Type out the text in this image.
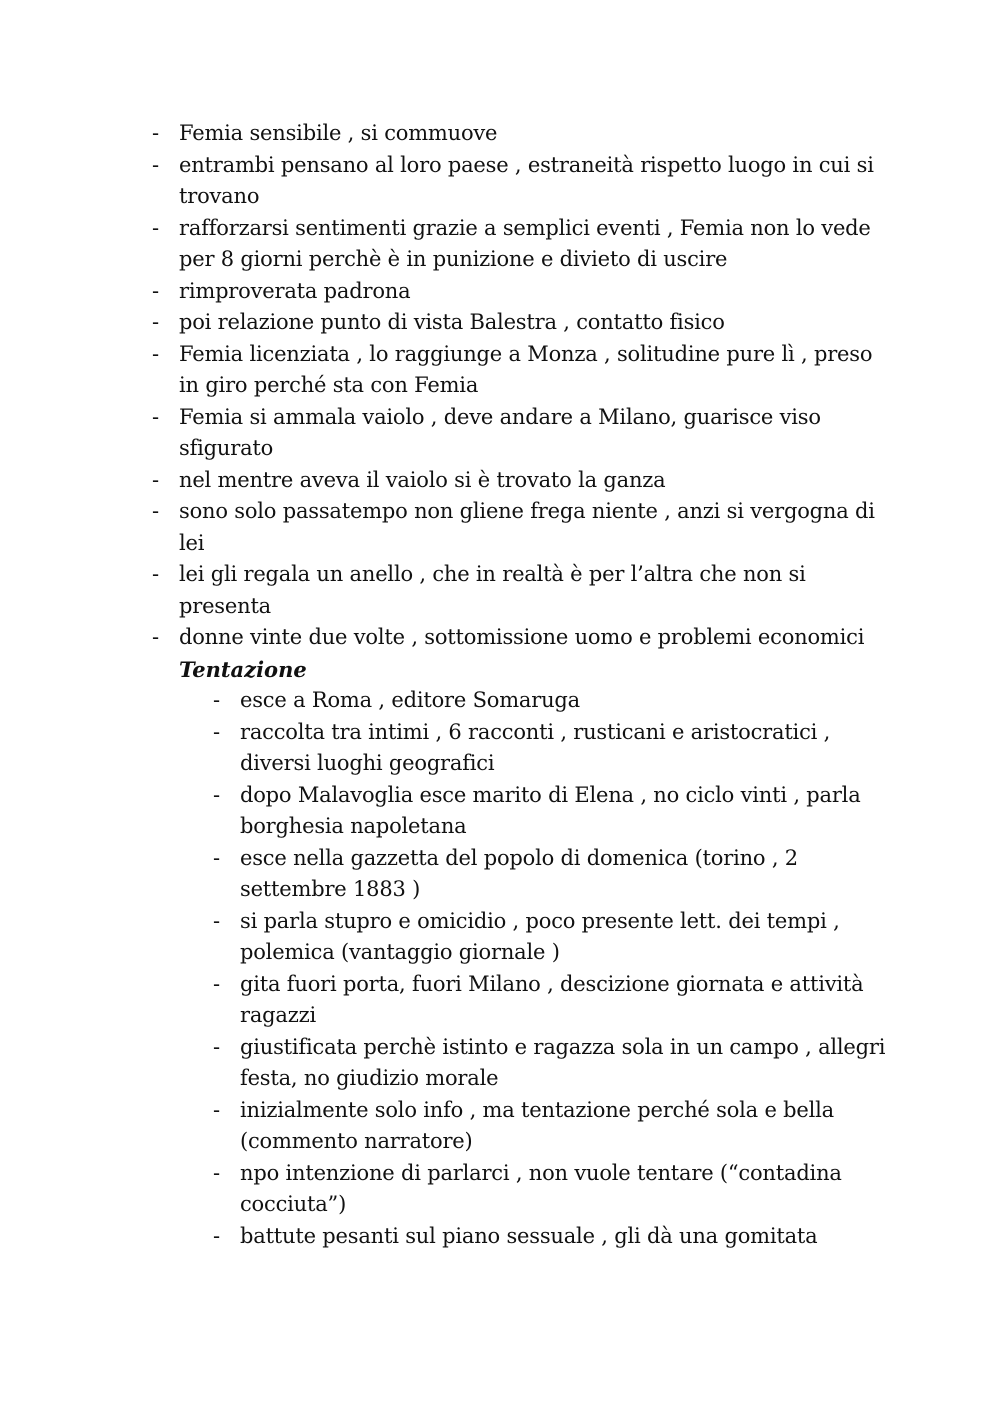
- Femia sensibile , si commuove
- entrambi pensano al loro paese , estraneità rispetto luogo in cui si trovano
- rafforzarsi sentimenti grazie a semplici eventi , Femia non lo vede per 8 giorni perchè è in punizione e divieto di uscire
- rimproverata padrona
- poi relazione punto di vista Balestra , contatto fisico
- Femia licenziata , lo raggiunge a Monza , solitudine pure lì , preso in giro perché sta con Femia
- Femia si ammala vaiolo , deve andare a Milano, guarisce viso sfigurato
- nel mentre aveva il vaiolo si è trovato la ganza
- sono solo passatempo non gliene frega niente , anzi si vergogna di lei
- lei gli regala un anello , che in realtà è per l’altra che non si presenta
- donne vinte due volte , sottomissione uomo e problemi economici
Tentazione
- esce a Roma , editore Somaruga
- raccolta tra intimi , 6 racconti , rusticani e aristocratici , diversi luoghi geografici
- dopo Malavoglia esce marito di Elena , no ciclo vinti , parla borghesia napoletana
- esce nella gazzetta del popolo di domenica (torino , 2 settembre 1883 )
- si parla stupro e omicidio , poco presente lett. dei tempi , polemica (vantaggio giornale )
- gita fuori porta, fuori Milano , descizione giornata e attività ragazzi
- giustificata perchè istinto e ragazza sola in un campo , allegri festa, no giudizio morale
- inizialmente solo info , ma tentazione perché sola e bella (commento narratore)
- npo intenzione di parlarci , non vuole tentare (“contadina cocciuta”)
- battute pesanti sul piano sessuale , gli dà una gomitata
